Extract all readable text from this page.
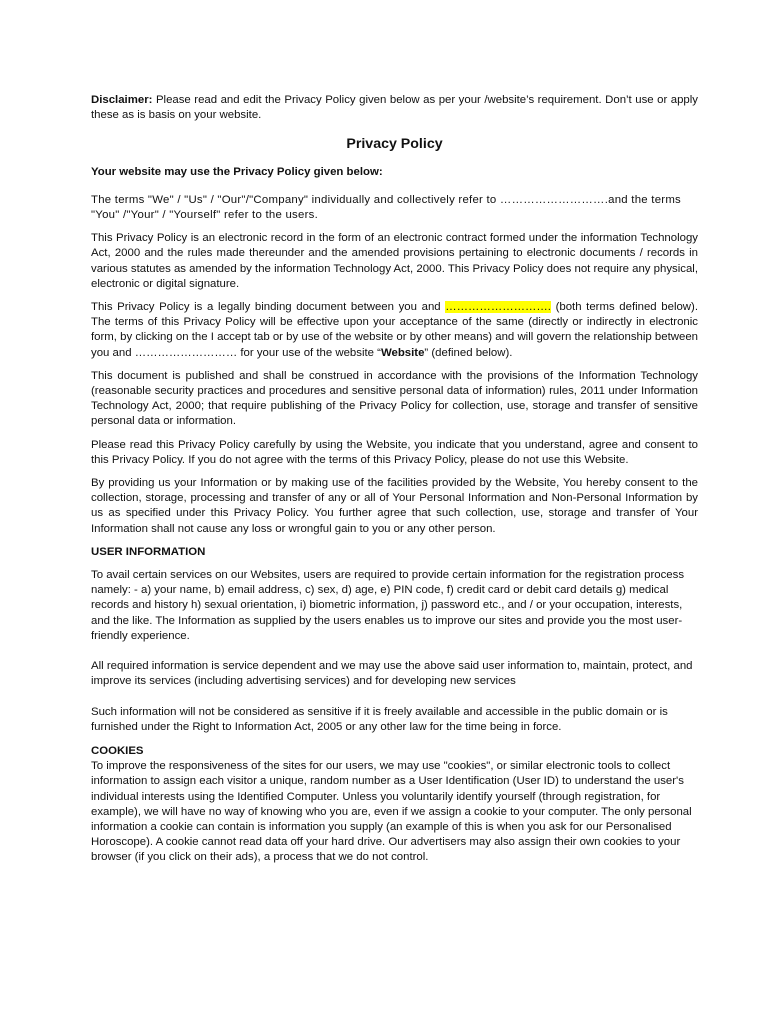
Disclaimer: Please read and edit the Privacy Policy given below as per your /website’s requirement. Don’t use or apply these as is basis on your website.

Privacy Policy
Your website may use the Privacy Policy given below:

The terms "We" / "Us" / "Our"/"Company" individually and collectively refer to ……………………….and the terms "You" /"Your" / "Yourself" refer to the users.

This Privacy Policy is an electronic record in the form of an electronic contract formed under the information Technology Act, 2000 and the rules made thereunder and the amended provisions pertaining to electronic documents / records in various statutes as amended by the information Technology Act, 2000. This Privacy Policy does not require any physical, electronic or digital signature.

This Privacy Policy is a legally binding document between you and ………………………. (both terms defined below). The terms of this Privacy Policy will be effective upon your acceptance of the same (directly or indirectly in electronic form, by clicking on the I accept tab or by use of the website or by other means) and will govern the relationship between you and ……………………… for your use of the website “Website” (defined below).

This document is published and shall be construed in accordance with the provisions of the Information Technology (reasonable security practices and procedures and sensitive personal data of information) rules, 2011 under Information Technology Act, 2000; that require publishing of the Privacy Policy for collection, use, storage and transfer of sensitive personal data or information.

Please read this Privacy Policy carefully by using the Website, you indicate that you understand, agree and consent to this Privacy Policy. If you do not agree with the terms of this Privacy Policy, please do not use this Website.

By providing us your Information or by making use of the facilities provided by the Website, You hereby consent to the collection, storage, processing and transfer of any or all of Your Personal Information and Non-Personal Information by us as specified under this Privacy Policy. You further agree that such collection, use, storage and transfer of Your Information shall not cause any loss or wrongful gain to you or any other person.

USER INFORMATION

To avail certain services on our Websites, users are required to provide certain information for the registration process namely: - a) your name, b) email address, c) sex, d) age, e) PIN code, f) credit card or debit card details g) medical records and history h) sexual orientation, i) biometric information, j) password etc., and / or your occupation, interests, and the like. The Information as supplied by the users enables us to improve our sites and provide you the most user-friendly experience.

All required information is service dependent and we may use the above said user information to, maintain, protect, and improve its services (including advertising services) and for developing new services

Such information will not be considered as sensitive if it is freely available and accessible in the public domain or is furnished under the Right to Information Act, 2005 or any other law for the time being in force.

COOKIES

To improve the responsiveness of the sites for our users, we may use "cookies", or similar electronic tools to collect information to assign each visitor a unique, random number as a User Identification (User ID) to understand the user's individual interests using the Identified Computer. Unless you voluntarily identify yourself (through registration, for example), we will have no way of knowing who you are, even if we assign a cookie to your computer. The only personal information a cookie can contain is information you supply (an example of this is when you ask for our Personalised Horoscope). A cookie cannot read data off your hard drive. Our advertisers may also assign their own cookies to your browser (if you click on their ads), a process that we do not control.
